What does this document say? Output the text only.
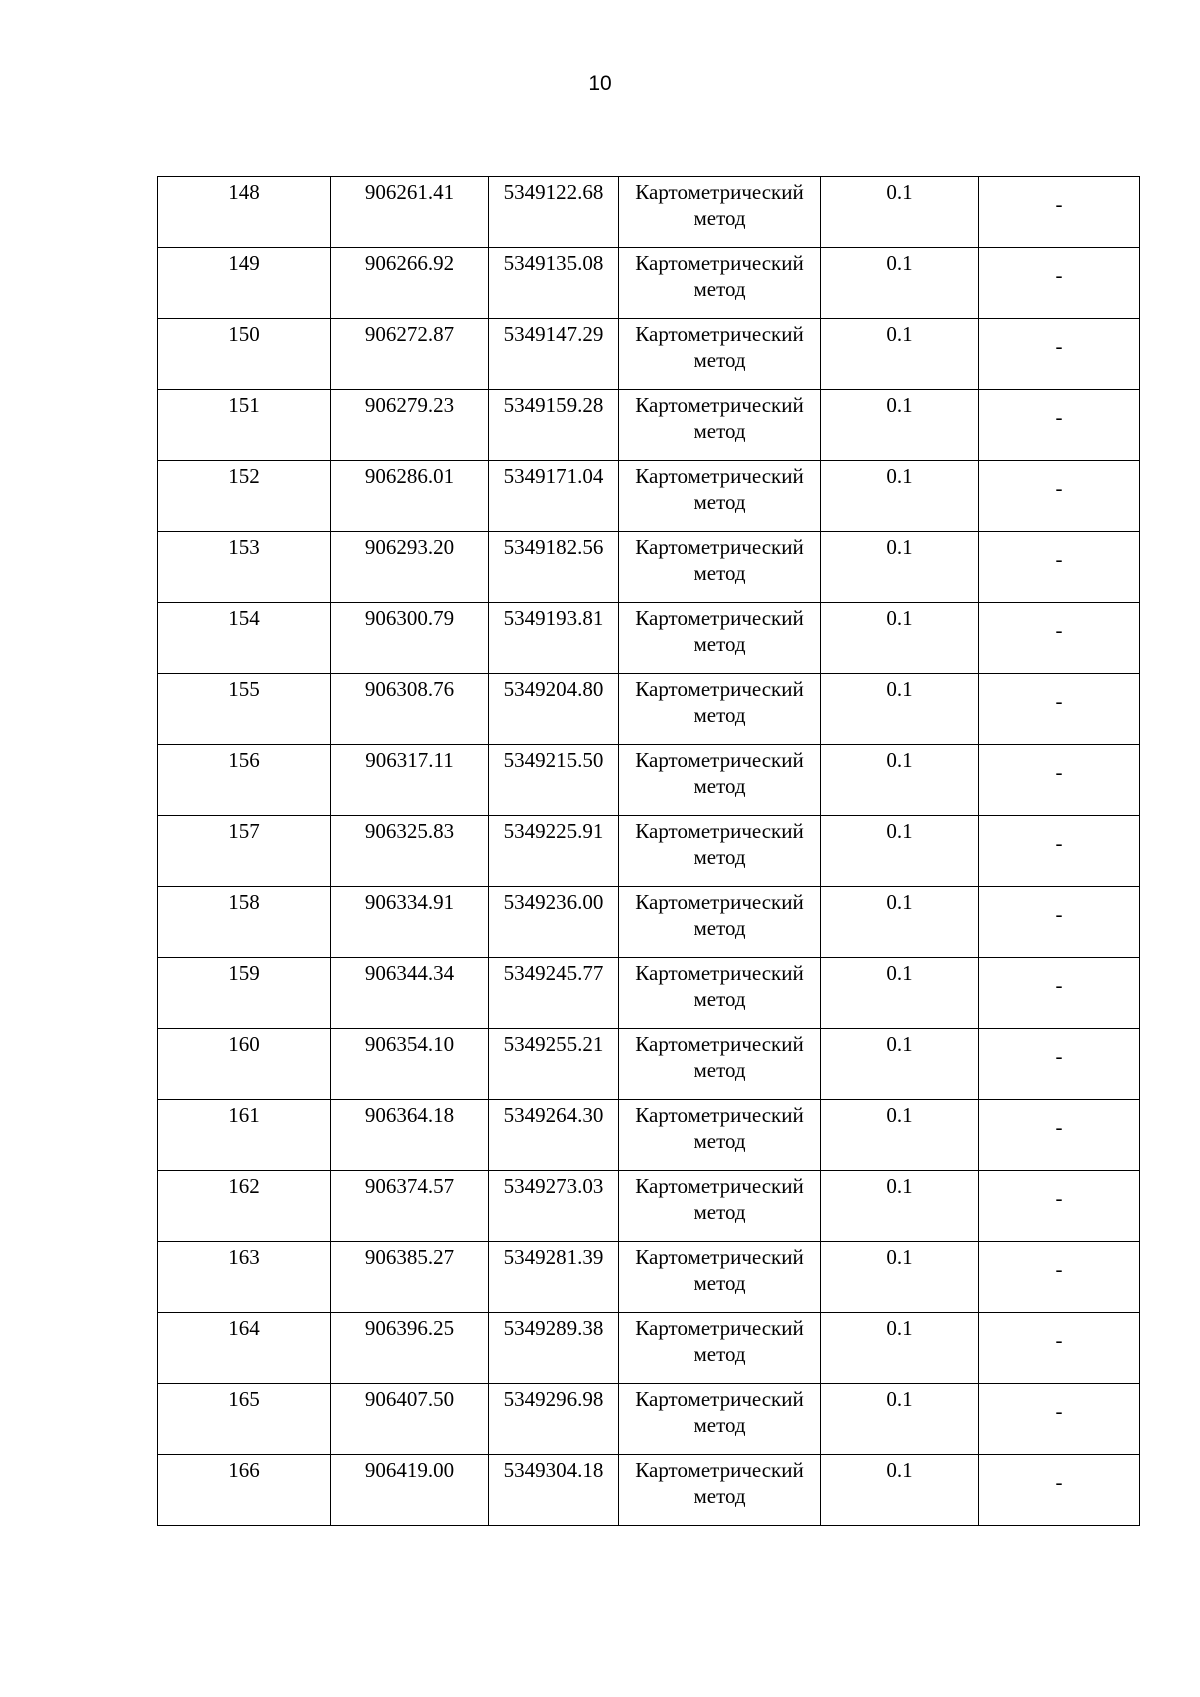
10
148	906261.41	5349122.68	Картометрический метод	0.1	-

149	906266.92	5349135.08	Картометрический метод	0.1	-

150	906272.87	5349147.29	Картометрический метод	0.1	-

151	906279.23	5349159.28	Картометрический метод	0.1	-

152	906286.01	5349171.04	Картометрический метод	0.1	-

153	906293.20	5349182.56	Картометрический метод	0.1	-

154	906300.79	5349193.81	Картометрический метод	0.1	-

155	906308.76	5349204.80	Картометрический метод	0.1	-

156	906317.11	5349215.50	Картометрический метод	0.1	-

157	906325.83	5349225.91	Картометрический метод	0.1	-

158	906334.91	5349236.00	Картометрический метод	0.1	-

159	906344.34	5349245.77	Картометрический метод	0.1	-

160	906354.10	5349255.21	Картометрический метод	0.1	-

161	906364.18	5349264.30	Картометрический метод	0.1	-

162	906374.57	5349273.03	Картометрический метод	0.1	-

163	906385.27	5349281.39	Картометрический метод	0.1	-

164	906396.25	5349289.38	Картометрический метод	0.1	-

165	906407.50	5349296.98	Картометрический метод	0.1	-

166	906419.00	5349304.18	Картометрический метод	0.1	-
